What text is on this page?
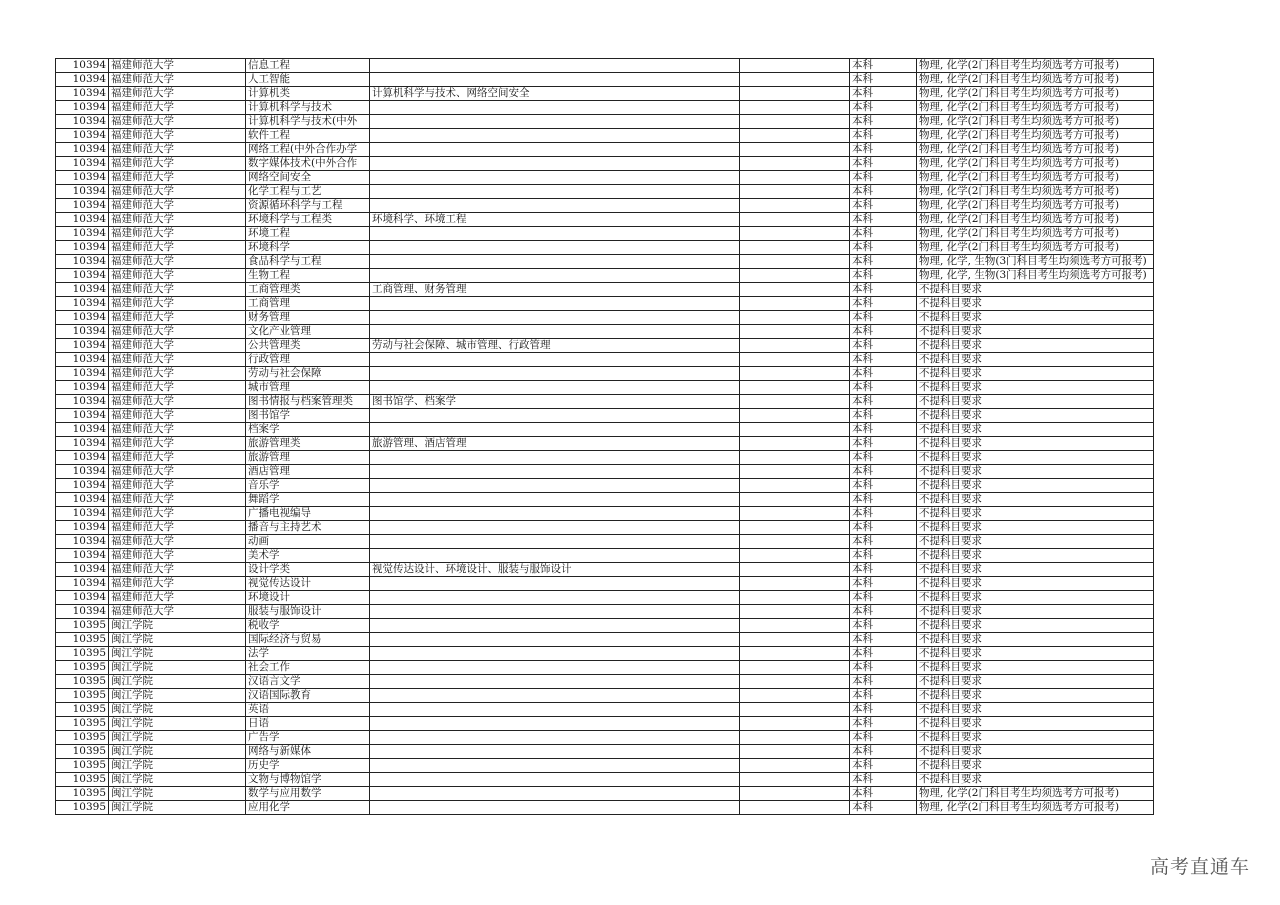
10394	福建师范大学	信息工程			本科	物理, 化学(2门科目考生均须选考方可报考)
10394	福建师范大学	人工智能			本科	物理, 化学(2门科目考生均须选考方可报考)
10394	福建师范大学	计算机类	计算机科学与技术、网络空间安全		本科	物理, 化学(2门科目考生均须选考方可报考)
10394	福建师范大学	计算机科学与技术			本科	物理, 化学(2门科目考生均须选考方可报考)
10394	福建师范大学	计算机科学与技术(中外			本科	物理, 化学(2门科目考生均须选考方可报考)
10394	福建师范大学	软件工程			本科	物理, 化学(2门科目考生均须选考方可报考)
10394	福建师范大学	网络工程(中外合作办学			本科	物理, 化学(2门科目考生均须选考方可报考)
10394	福建师范大学	数字媒体技术(中外合作			本科	物理, 化学(2门科目考生均须选考方可报考)
10394	福建师范大学	网络空间安全			本科	物理, 化学(2门科目考生均须选考方可报考)
10394	福建师范大学	化学工程与工艺			本科	物理, 化学(2门科目考生均须选考方可报考)
10394	福建师范大学	资源循环科学与工程			本科	物理, 化学(2门科目考生均须选考方可报考)
10394	福建师范大学	环境科学与工程类	环境科学、环境工程		本科	物理, 化学(2门科目考生均须选考方可报考)
10394	福建师范大学	环境工程			本科	物理, 化学(2门科目考生均须选考方可报考)
10394	福建师范大学	环境科学			本科	物理, 化学(2门科目考生均须选考方可报考)
10394	福建师范大学	食品科学与工程			本科	物理, 化学, 生物(3门科目考生均须选考方可报考)
10394	福建师范大学	生物工程			本科	物理, 化学, 生物(3门科目考生均须选考方可报考)
10394	福建师范大学	工商管理类	工商管理、财务管理		本科	不提科目要求
10394	福建师范大学	工商管理			本科	不提科目要求
10394	福建师范大学	财务管理			本科	不提科目要求
10394	福建师范大学	文化产业管理			本科	不提科目要求
10394	福建师范大学	公共管理类	劳动与社会保障、城市管理、行政管理		本科	不提科目要求
10394	福建师范大学	行政管理			本科	不提科目要求
10394	福建师范大学	劳动与社会保障			本科	不提科目要求
10394	福建师范大学	城市管理			本科	不提科目要求
10394	福建师范大学	图书情报与档案管理类	图书馆学、档案学		本科	不提科目要求
10394	福建师范大学	图书馆学			本科	不提科目要求
10394	福建师范大学	档案学			本科	不提科目要求
10394	福建师范大学	旅游管理类	旅游管理、酒店管理		本科	不提科目要求
10394	福建师范大学	旅游管理			本科	不提科目要求
10394	福建师范大学	酒店管理			本科	不提科目要求
10394	福建师范大学	音乐学			本科	不提科目要求
10394	福建师范大学	舞蹈学			本科	不提科目要求
10394	福建师范大学	广播电视编导			本科	不提科目要求
10394	福建师范大学	播音与主持艺术			本科	不提科目要求
10394	福建师范大学	动画			本科	不提科目要求
10394	福建师范大学	美术学			本科	不提科目要求
10394	福建师范大学	设计学类	视觉传达设计、环境设计、服装与服饰设计		本科	不提科目要求
10394	福建师范大学	视觉传达设计			本科	不提科目要求
10394	福建师范大学	环境设计			本科	不提科目要求
10394	福建师范大学	服装与服饰设计			本科	不提科目要求
10395	闽江学院	税收学			本科	不提科目要求
10395	闽江学院	国际经济与贸易			本科	不提科目要求
10395	闽江学院	法学			本科	不提科目要求
10395	闽江学院	社会工作			本科	不提科目要求
10395	闽江学院	汉语言文学			本科	不提科目要求
10395	闽江学院	汉语国际教育			本科	不提科目要求
10395	闽江学院	英语			本科	不提科目要求
10395	闽江学院	日语			本科	不提科目要求
10395	闽江学院	广告学			本科	不提科目要求
10395	闽江学院	网络与新媒体			本科	不提科目要求
10395	闽江学院	历史学			本科	不提科目要求
10395	闽江学院	文物与博物馆学			本科	不提科目要求
10395	闽江学院	数学与应用数学			本科	物理, 化学(2门科目考生均须选考方可报考)
10395	闽江学院	应用化学			本科	物理, 化学(2门科目考生均须选考方可报考)
高考直通车
